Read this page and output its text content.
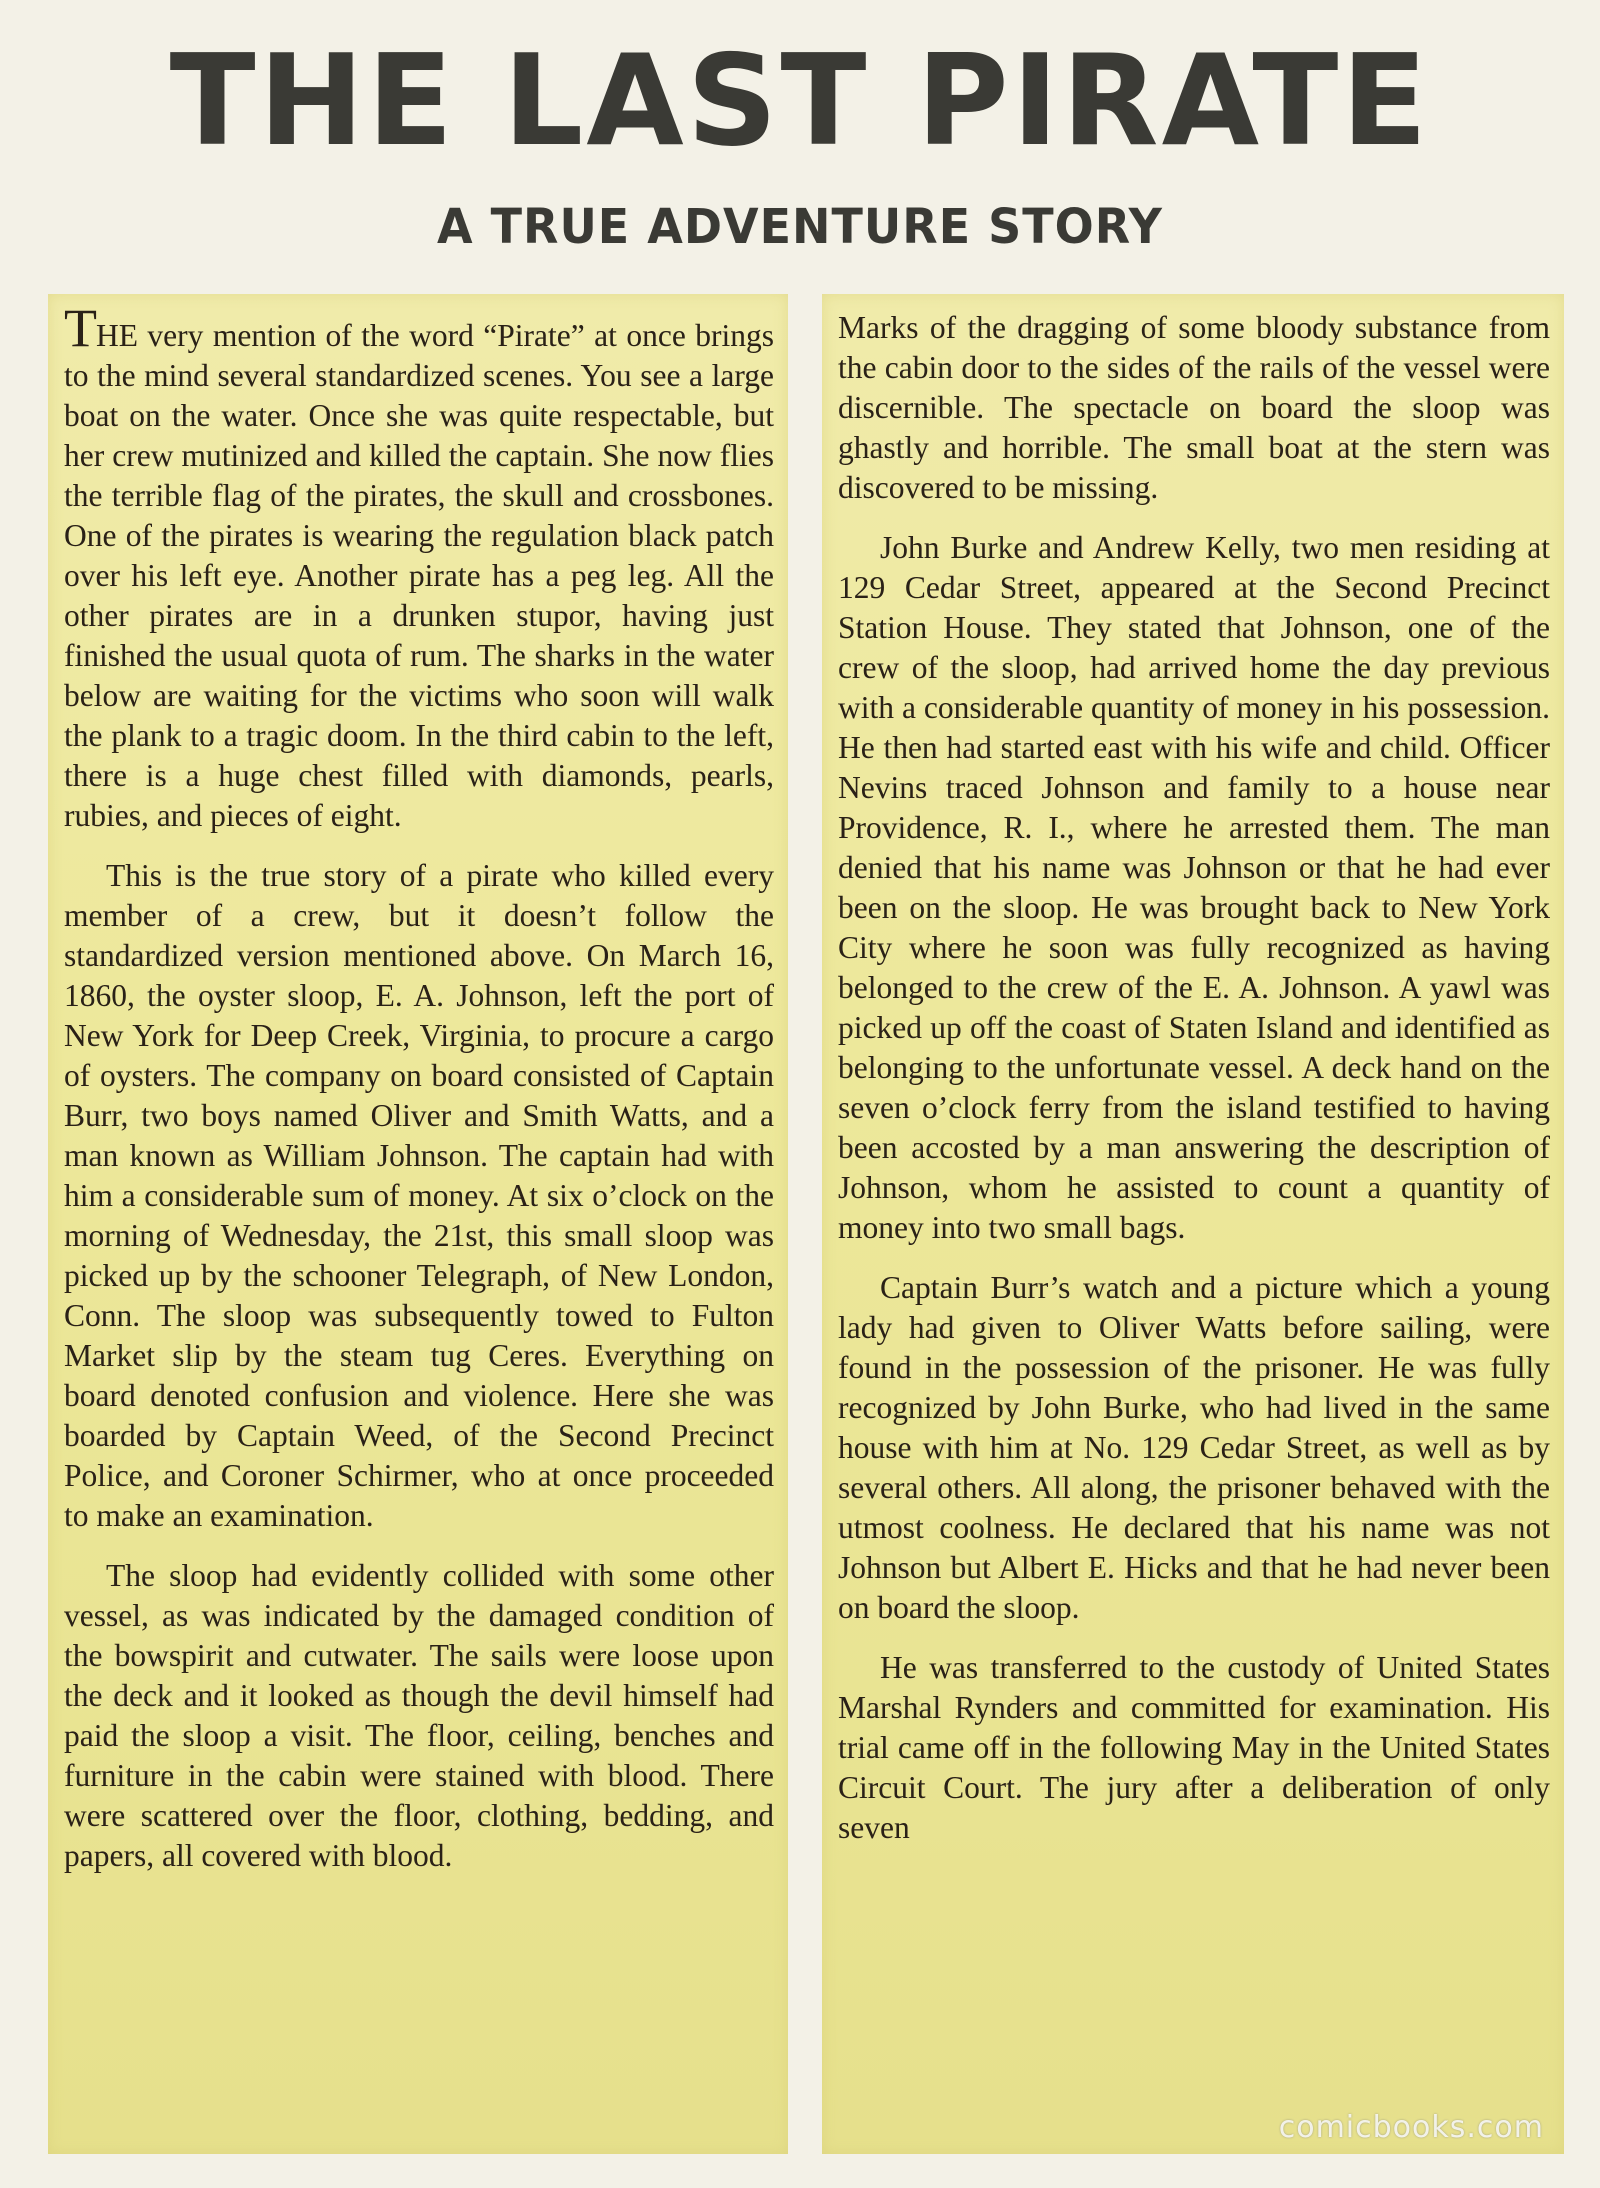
THE LAST PIRATE
A TRUE ADVENTURE STORY

THE very mention of the word “Pirate” at once brings to the mind several standardized scenes. You see a large boat on the water. Once she was quite respectable, but her crew mutinized and killed the captain. She now flies the terrible flag of the pirates, the skull and crossbones. One of the pirates is wearing the regulation black patch over his left eye. Another pirate has a peg leg. All the other pirates are in a drunken stupor, having just finished the usual quota of rum. The sharks in the water below are waiting for the victims who soon will walk the plank to a tragic doom. In the third cabin to the left, there is a huge chest filled with diamonds, pearls, rubies, and pieces of eight.

This is the true story of a pirate who killed every member of a crew, but it doesn’t follow the standardized version mentioned above. On March 16, 1860, the oyster sloop, E. A. Johnson, left the port of New York for Deep Creek, Virginia, to procure a cargo of oysters. The company on board consisted of Captain Burr, two boys named Oliver and Smith Watts, and a man known as William Johnson. The captain had with him a considerable sum of money. At six o’clock on the morning of Wednesday, the 21st, this small sloop was picked up by the schooner Telegraph, of New London, Conn. The sloop was subsequently towed to Fulton Market slip by the steam tug Ceres. Everything on board denoted confusion and violence. Here she was boarded by Captain Weed, of the Second Precinct Police, and Coroner Schirmer, who at once proceeded to make an examination.

The sloop had evidently collided with some other vessel, as was indicated by the damaged condition of the bowspirit and cutwater. The sails were loose upon the deck and it looked as though the devil himself had paid the sloop a visit. The floor, ceiling, benches and furniture in the cabin were stained with blood. There were scattered over the floor, clothing, bedding, and papers, all covered with blood.

Marks of the dragging of some bloody substance from the cabin door to the sides of the rails of the vessel were discernible. The spectacle on board the sloop was ghastly and horrible. The small boat at the stern was discovered to be missing.

John Burke and Andrew Kelly, two men residing at 129 Cedar Street, appeared at the Second Precinct Station House. They stated that Johnson, one of the crew of the sloop, had arrived home the day previous with a considerable quantity of money in his possession. He then had started east with his wife and child. Officer Nevins traced Johnson and family to a house near Providence, R. I., where he arrested them. The man denied that his name was Johnson or that he had ever been on the sloop. He was brought back to New York City where he soon was fully recognized as having belonged to the crew of the E. A. Johnson. A yawl was picked up off the coast of Staten Island and identified as belonging to the unfortunate vessel. A deck hand on the seven o’clock ferry from the island testified to having been accosted by a man answering the description of Johnson, whom he assisted to count a quantity of money into two small bags.

Captain Burr’s watch and a picture which a young lady had given to Oliver Watts before sailing, were found in the possession of the prisoner. He was fully recognized by John Burke, who had lived in the same house with him at No. 129 Cedar Street, as well as by several others. All along, the prisoner behaved with the utmost coolness. He declared that his name was not Johnson but Albert E. Hicks and that he had never been on board the sloop.

He was transferred to the custody of United States Marshal Rynders and committed for examination. His trial came off in the following May in the United States Circuit Court. The jury after a deliberation of only seven

comicbooks.com
